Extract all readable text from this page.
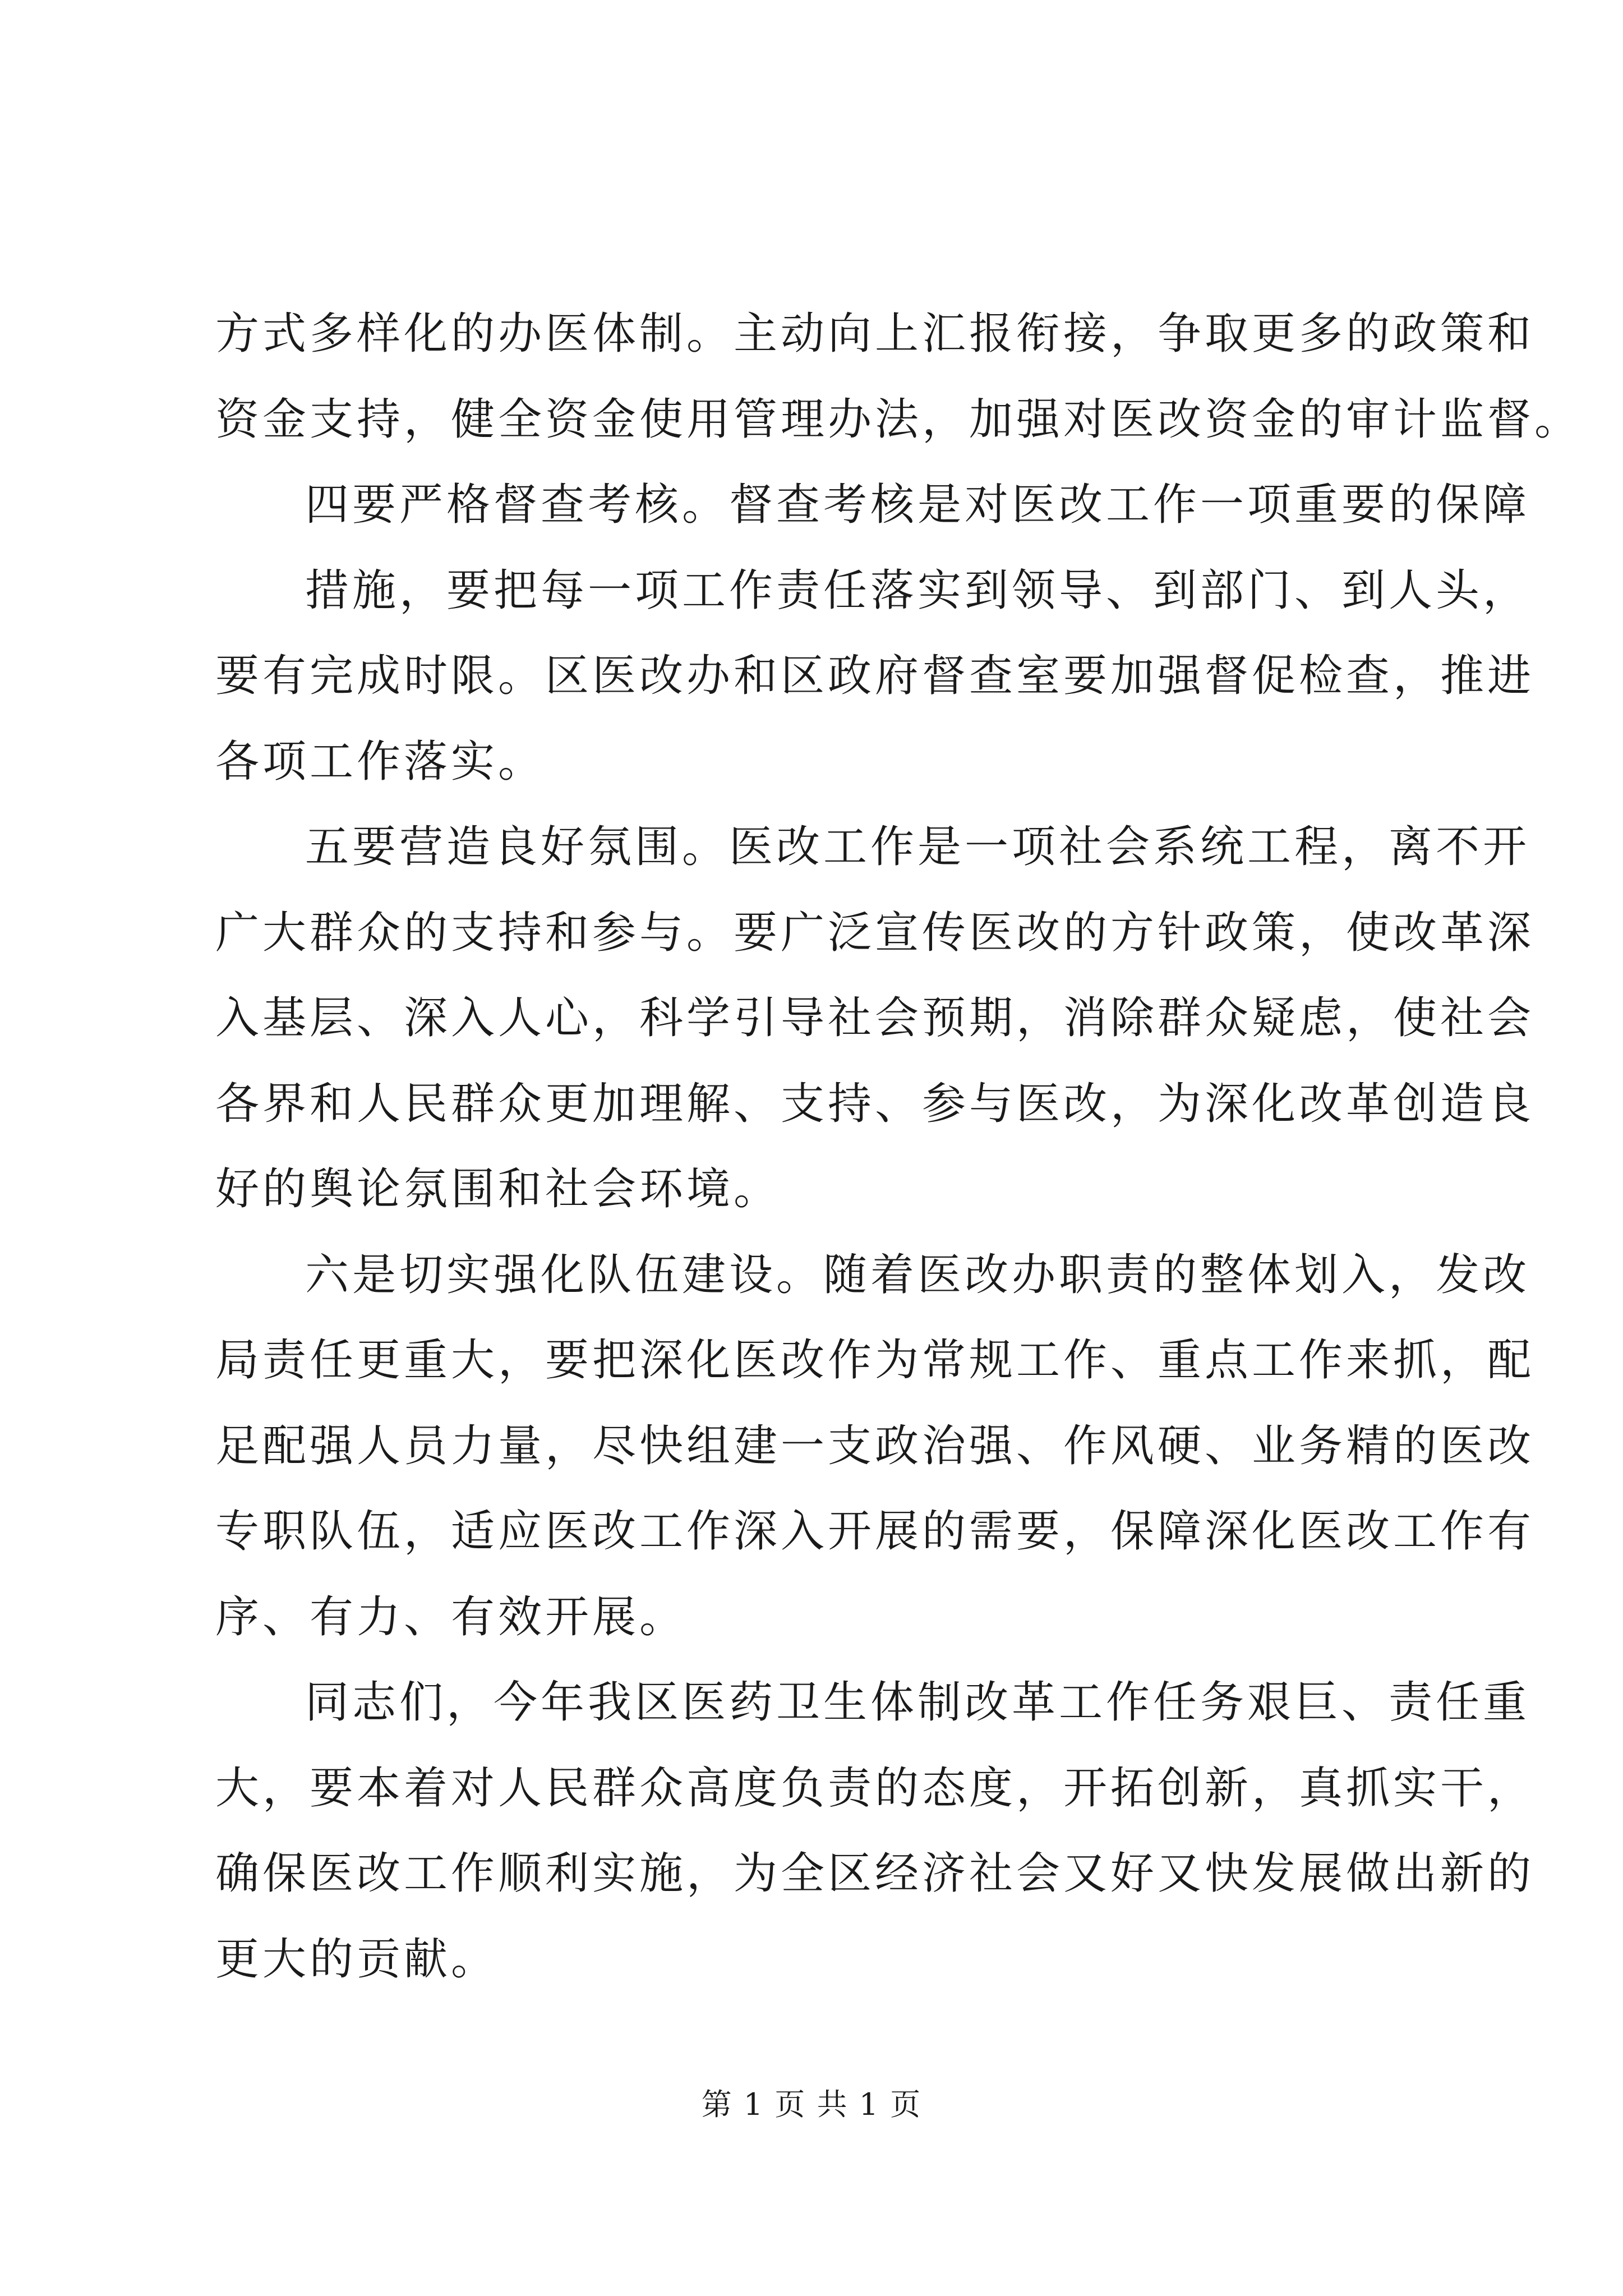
方式多样化的办医体制。主动向上汇报衔接，争取更多的政策和
资金支持，健全资金使用管理办法，加强对医改资金的审计监督。
四要严格督查考核。督查考核是对医改工作一项重要的保障
措施，要把每一项工作责任落实到领导、到部门、到人头，
要有完成时限。区医改办和区政府督查室要加强督促检查，推进
各项工作落实。
五要营造良好氛围。医改工作是一项社会系统工程，离不开
广大群众的支持和参与。要广泛宣传医改的方针政策，使改革深
入基层、深入人心，科学引导社会预期，消除群众疑虑，使社会
各界和人民群众更加理解、支持、参与医改，为深化改革创造良
好的舆论氛围和社会环境。
六是切实强化队伍建设。随着医改办职责的整体划入，发改
局责任更重大，要把深化医改作为常规工作、重点工作来抓，配
足配强人员力量，尽快组建一支政治强、作风硬、业务精的医改
专职队伍，适应医改工作深入开展的需要，保障深化医改工作有
序、有力、有效开展。
同志们，今年我区医药卫生体制改革工作任务艰巨、责任重
大，要本着对人民群众高度负责的态度，开拓创新，真抓实干，
确保医改工作顺利实施，为全区经济社会又好又快发展做出新的
更大的贡献。
第 1 页 共 1 页
